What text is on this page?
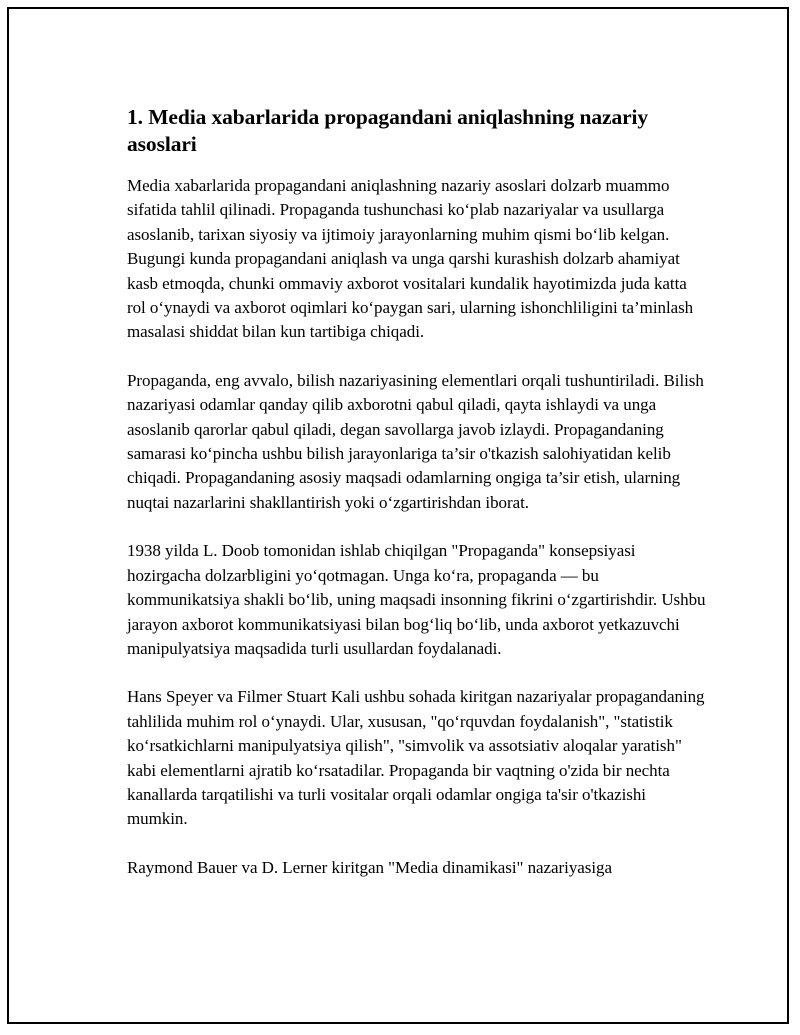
1. Media xabarlarida propagandani aniqlashning nazariy asoslari

Media xabarlarida propagandani aniqlashning nazariy asoslari dolzarb muammo sifatida tahlil qilinadi. Propaganda tushunchasi ko‘plab nazariyalar va usullarga asoslanib, tarixan siyosiy va ijtimoiy jarayonlarning muhim qismi bo‘lib kelgan. Bugungi kunda propagandani aniqlash va unga qarshi kurashish dolzarb ahamiyat kasb etmoqda, chunki ommaviy axborot vositalari kundalik hayotimizda juda katta rol o‘ynaydi va axborot oqimlari ko‘paygan sari, ularning ishonchliligini ta’minlash masalasi shiddat bilan kun tartibiga chiqadi.

Propaganda, eng avvalo, bilish nazariyasining elementlari orqali tushuntiriladi. Bilish nazariyasi odamlar qanday qilib axborotni qabul qiladi, qayta ishlaydi va unga asoslanib qarorlar qabul qiladi, degan savollarga javob izlaydi. Propagandaning samarasi ko‘pincha ushbu bilish jarayonlariga ta’sir o'tkazish salohiyatidan kelib chiqadi. Propagandaning asosiy maqsadi odamlarning ongiga ta’sir etish, ularning nuqtai nazarlarini shakllantirish yoki o‘zgartirishdan iborat.

1938 yilda L. Doob tomonidan ishlab chiqilgan "Propaganda" konsepsiyasi hozirgacha dolzarbligini yo‘qotmagan. Unga ko‘ra, propaganda — bu kommunikatsiya shakli bo‘lib, uning maqsadi insonning fikrini o‘zgartirishdir. Ushbu jarayon axborot kommunikatsiyasi bilan bog‘liq bo‘lib, unda axborot yetkazuvchi manipulyatsiya maqsadida turli usullardan foydalanadi.

Hans Speyer va Filmer Stuart Kali ushbu sohada kiritgan nazariyalar propagandaning tahlilida muhim rol o‘ynaydi. Ular, xususan, "qo‘rquvdan foydalanish", "statistik ko‘rsatkichlarni manipulyatsiya qilish", "simvolik va assotsiativ aloqalar yaratish" kabi elementlarni ajratib ko‘rsatadilar. Propaganda bir vaqtning o'zida bir nechta kanallarda tarqatilishi va turli vositalar orqali odamlar ongiga ta'sir o'tkazishi mumkin.

Raymond Bauer va D. Lerner kiritgan "Media dinamikasi" nazariyasiga
